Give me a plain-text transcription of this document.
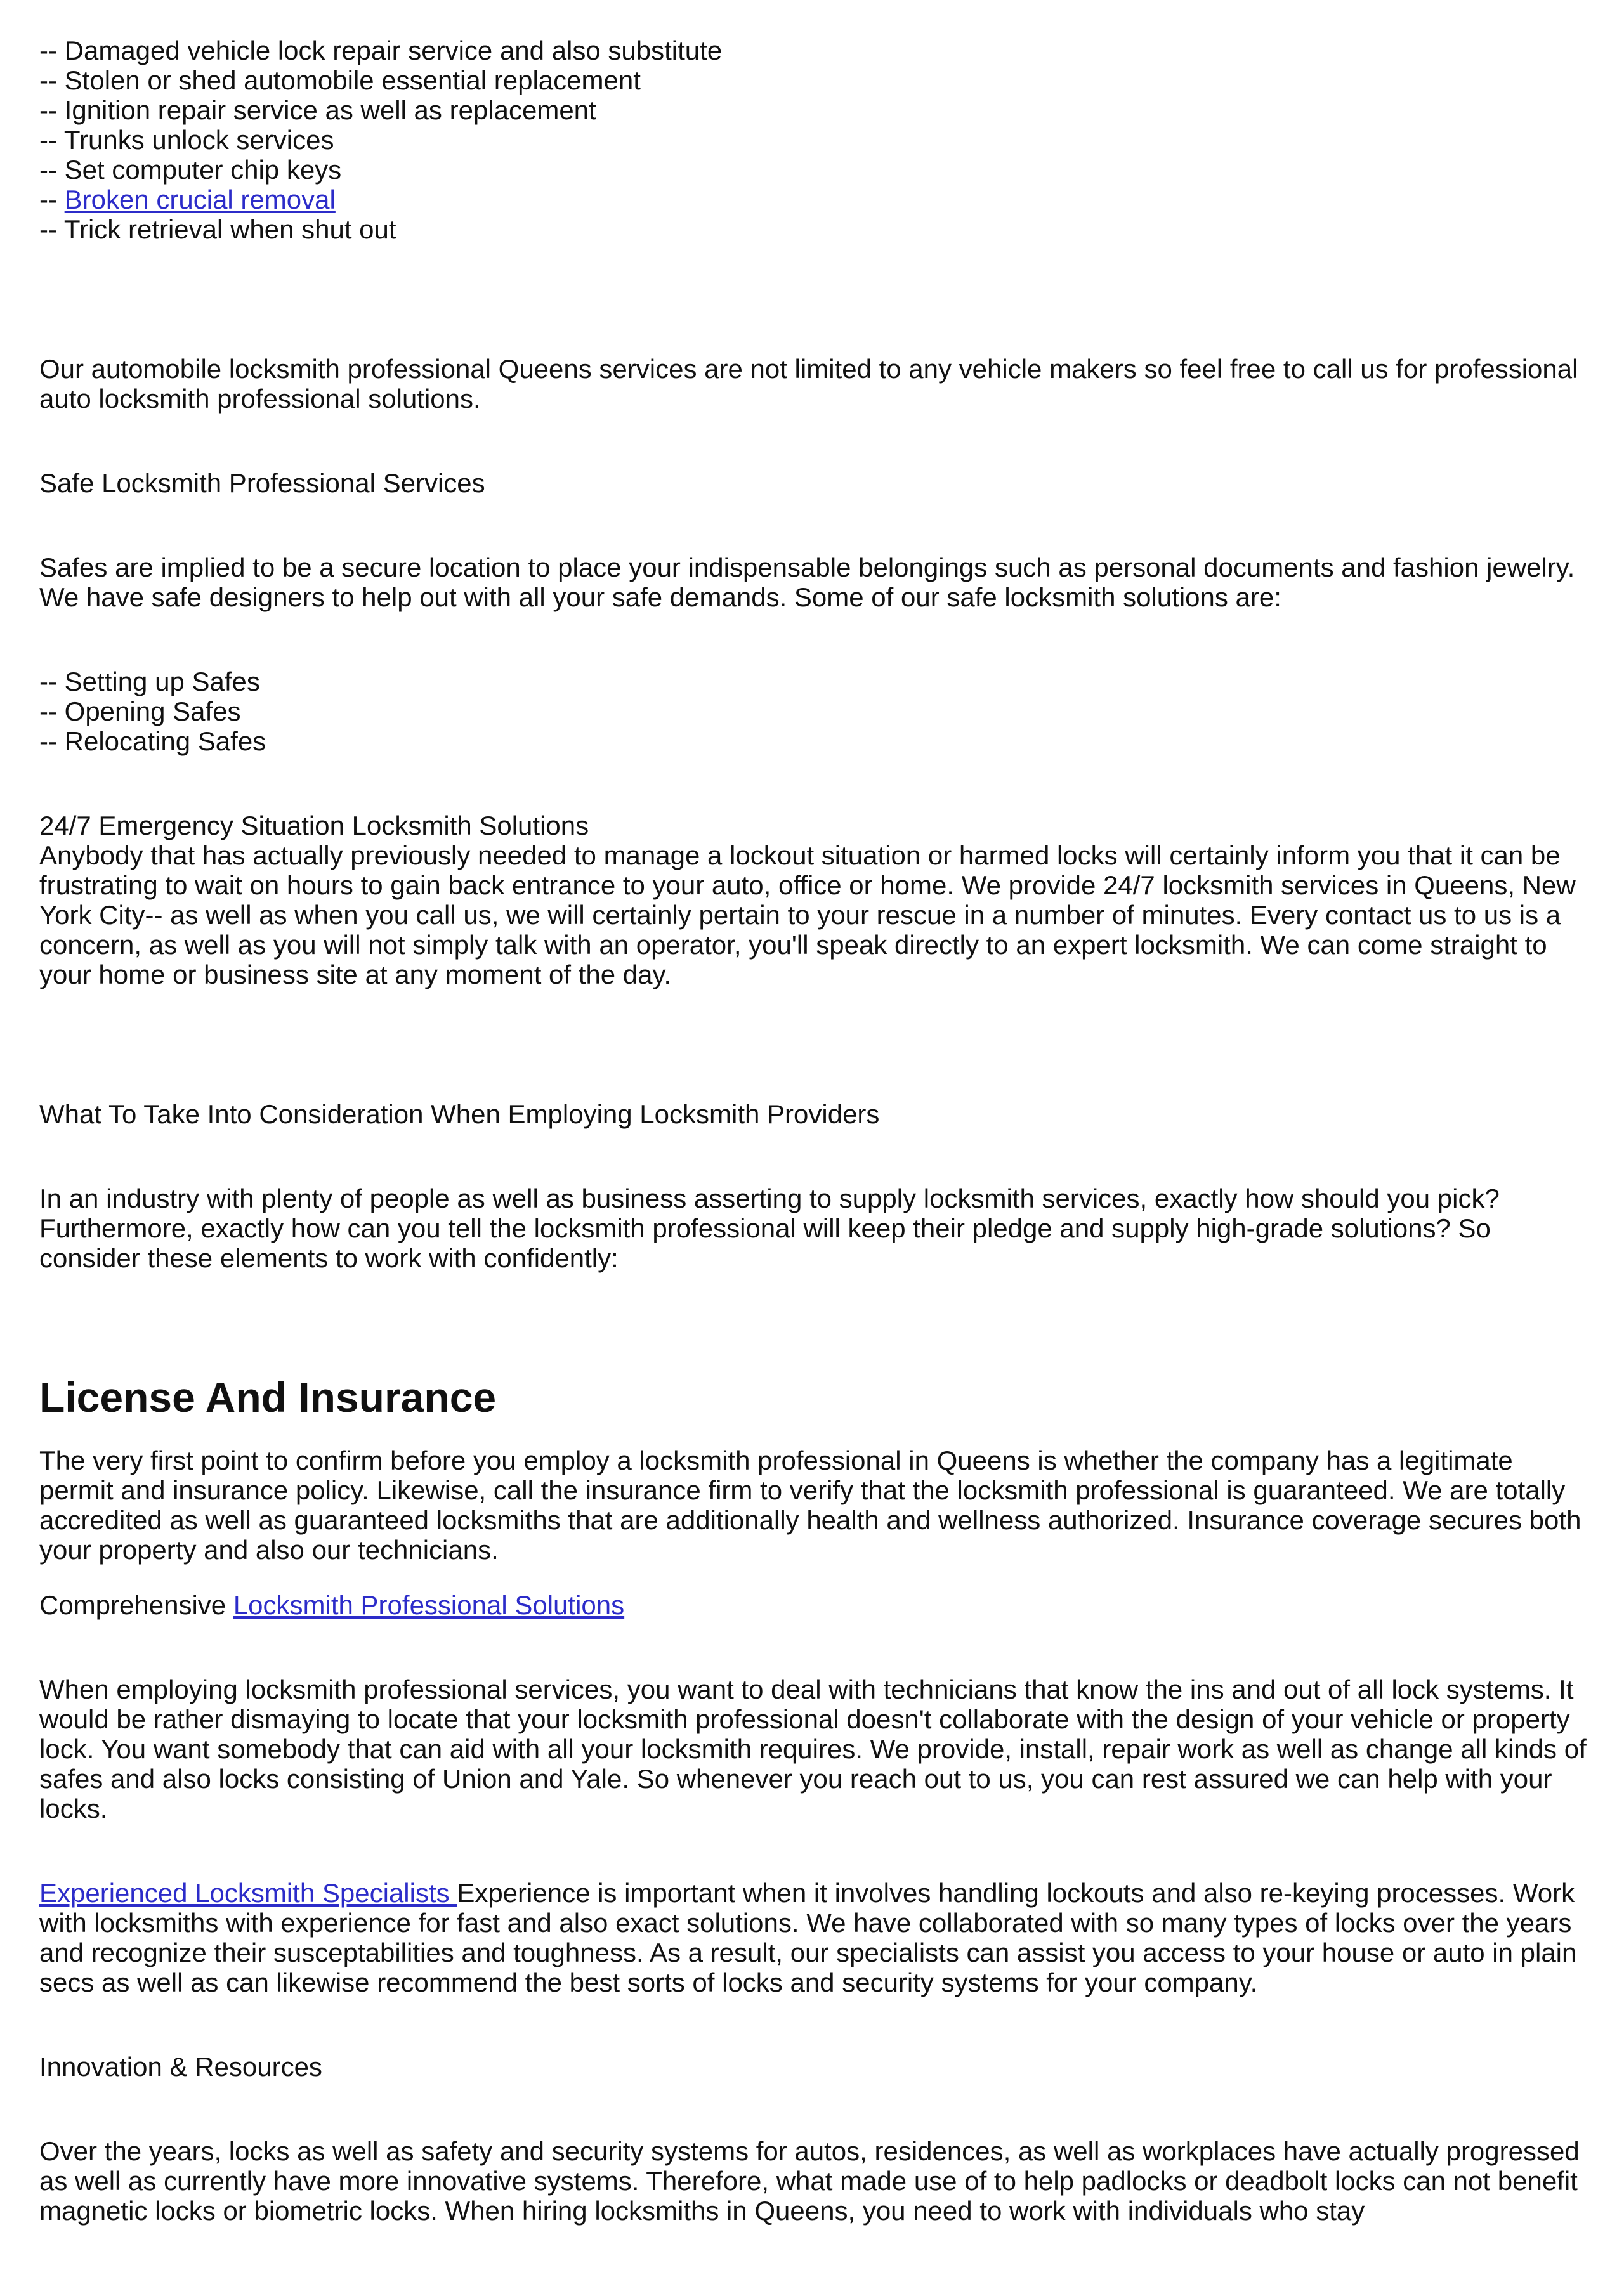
-- Damaged vehicle lock repair service and also substitute
-- Stolen or shed automobile essential replacement
-- Ignition repair service as well as replacement
-- Trunks unlock services
-- Set computer chip keys
-- Broken crucial removal
-- Trick retrieval when shut out

Our automobile locksmith professional Queens services are not limited to any vehicle makers so feel free to call us for professional auto locksmith professional solutions.

Safe Locksmith Professional Services

Safes are implied to be a secure location to place your indispensable belongings such as personal documents and fashion jewelry. We have safe designers to help out with all your safe demands. Some of our safe locksmith solutions are:

-- Setting up Safes
-- Opening Safes
-- Relocating Safes

24/7 Emergency Situation Locksmith Solutions

Anybody that has actually previously needed to manage a lockout situation or harmed locks will certainly inform you that it can be frustrating to wait on hours to gain back entrance to your auto, office or home. We provide 24/7 locksmith services in Queens, New York City-- as well as when you call us, we will certainly pertain to your rescue in a number of minutes. Every contact us to us is a concern, as well as you will not simply talk with an operator, you'll speak directly to an expert locksmith. We can come straight to your home or business site at any moment of the day.

What To Take Into Consideration When Employing Locksmith Providers

In an industry with plenty of people as well as business asserting to supply locksmith services, exactly how should you pick? Furthermore, exactly how can you tell the locksmith professional will keep their pledge and supply high-grade solutions? So consider these elements to work with confidently:

License And Insurance

The very first point to confirm before you employ a locksmith professional in Queens is whether the company has a legitimate permit and insurance policy. Likewise, call the insurance firm to verify that the locksmith professional is guaranteed. We are totally accredited as well as guaranteed locksmiths that are additionally health and wellness authorized. Insurance coverage secures both your property and also our technicians.

Comprehensive Locksmith Professional Solutions

When employing locksmith professional services, you want to deal with technicians that know the ins and out of all lock systems. It would be rather dismaying to locate that your locksmith professional doesn't collaborate with the design of your vehicle or property lock. You want somebody that can aid with all your locksmith requires. We provide, install, repair work as well as change all kinds of safes and also locks consisting of Union and Yale. So whenever you reach out to us, you can rest assured we can help with your locks.

Experienced Locksmith Specialists Experience is important when it involves handling lockouts and also re-keying processes. Work with locksmiths with experience for fast and also exact solutions. We have collaborated with so many types of locks over the years and recognize their susceptabilities and toughness. As a result, our specialists can assist you access to your house or auto in plain secs as well as can likewise recommend the best sorts of locks and security systems for your company.

Innovation & Resources

Over the years, locks as well as safety and security systems for autos, residences, as well as workplaces have actually progressed as well as currently have more innovative systems. Therefore, what made use of to help padlocks or deadbolt locks can not benefit magnetic locks or biometric locks. When hiring locksmiths in Queens, you need to work with individuals who stay
